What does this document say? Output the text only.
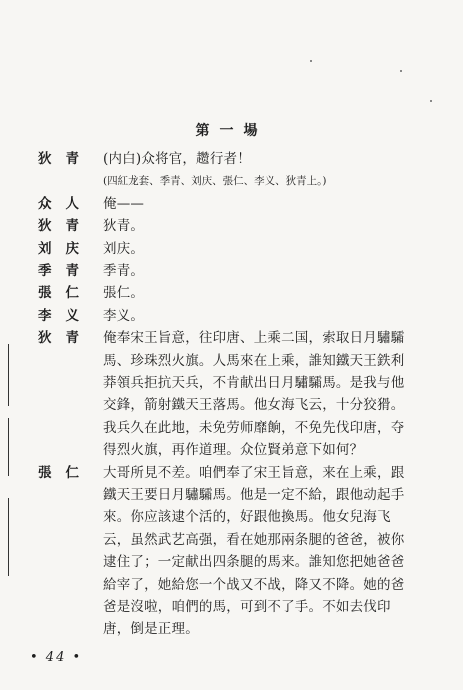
第一場
狄青 (内白)众将官，趱行者！
(四紅龙套、季青、刘庆、張仁、李义、狄青上。)
众人 俺——
狄青 狄青。
刘庆 刘庆。
季青 季青。
張仁 張仁。
李义 李义。
狄青 俺奉宋王旨意，往印唐、上乘二国，索取日月驌驦
馬、珍珠烈火旗。人馬來在上乘，誰知鐵天王鉄利
莽領兵拒抗天兵，不肯献出日月驌驦馬。是我与他
交鋒，箭射鐵天王落馬。他女海飞云，十分狡猾。
我兵久在此地，未免劳师靡餉，不免先伐印唐，夺
得烈火旗，再作道理。众位賢弟意下如何？
張仁 大哥所見不差。咱們奉了宋王旨意，来在上乘，跟
鐵天王要日月驌驦馬。他是一定不給，跟他动起手
來。你应該逮个活的，好跟他換馬。他女兒海飞
云，虽然武艺高强，看在她那兩条腿的爸爸，被你
逮住了；一定献出四条腿的馬来。誰知您把她爸爸
給宰了，她給您一个战又不战，降又不降。她的爸
爸是沒啦，咱們的馬，可到不了手。不如去伐印
唐，倒是正理。
• 44 •
